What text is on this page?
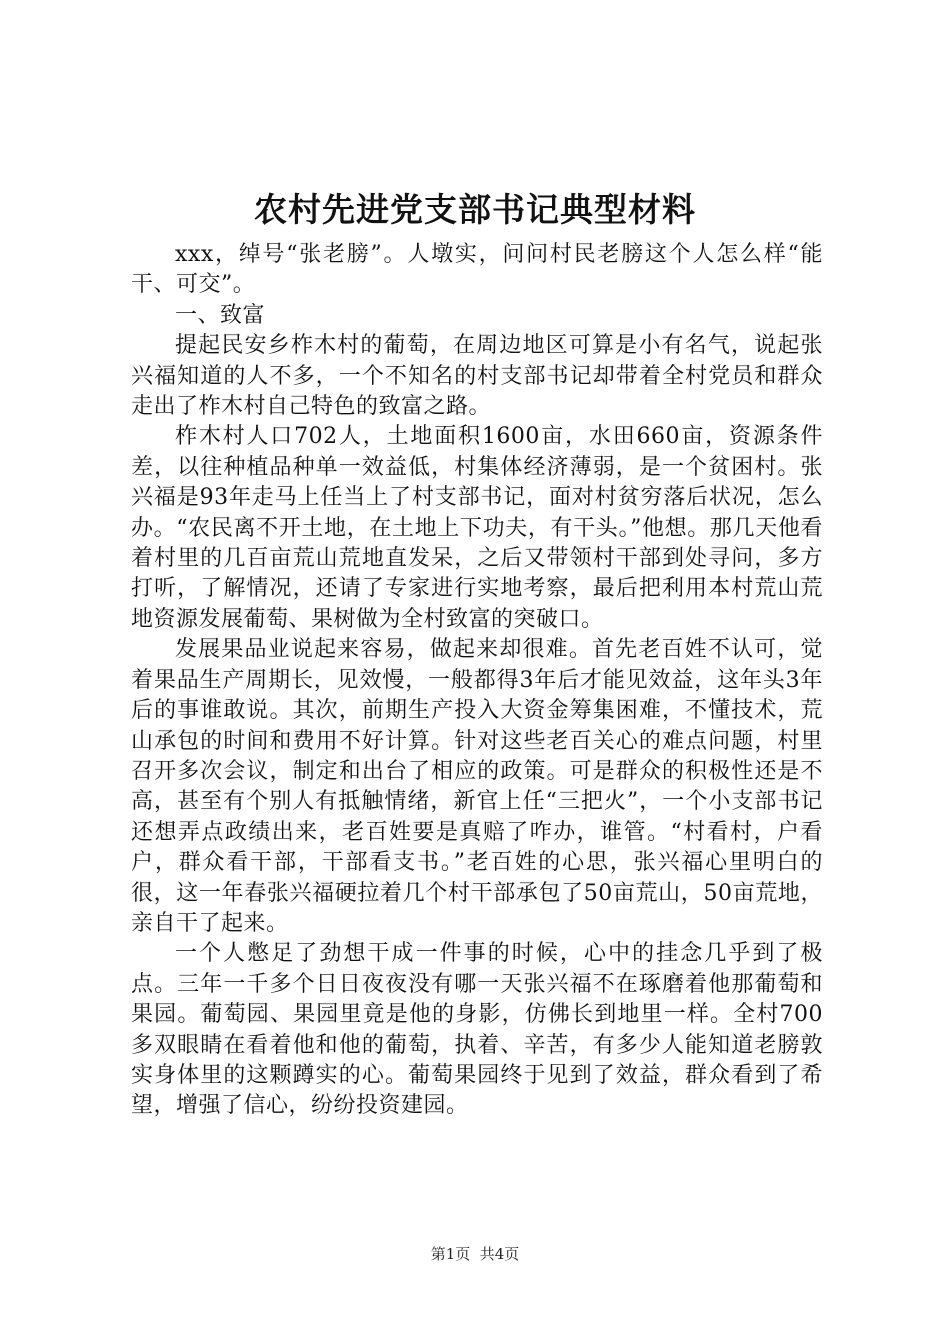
农村先进党支部书记典型材料

xxx，绰号“张老膀”。人墩实，问问村民老膀这个人怎么样“能干、可交”。

一、致富

提起民安乡柞木村的葡萄，在周边地区可算是小有名气，说起张兴福知道的人不多，一个不知名的村支部书记却带着全村党员和群众走出了柞木村自己特色的致富之路。

柞木村人口702人，土地面积1600亩，水田660亩，资源条件差，以往种植品种单一效益低，村集体经济薄弱，是一个贫困村。张兴福是93年走马上任当上了村支部书记，面对村贫穷落后状况，怎么办。“农民离不开土地，在土地上下功夫，有干头。”他想。那几天他看着村里的几百亩荒山荒地直发呆，之后又带领村干部到处寻问，多方打听，了解情况，还请了专家进行实地考察，最后把利用本村荒山荒地资源发展葡萄、果树做为全村致富的突破口。

发展果品业说起来容易，做起来却很难。首先老百姓不认可，觉着果品生产周期长，见效慢，一般都得3年后才能见效益，这年头3年后的事谁敢说。其次，前期生产投入大资金筹集困难，不懂技术，荒山承包的时间和费用不好计算。针对这些老百关心的难点问题，村里召开多次会议，制定和出台了相应的政策。可是群众的积极性还是不高，甚至有个别人有抵触情绪，新官上任“三把火”，一个小支部书记还想弄点政绩出来，老百姓要是真赔了咋办，谁管。“村看村，户看户，群众看干部，干部看支书。”老百姓的心思，张兴福心里明白的很，这一年春张兴福硬拉着几个村干部承包了50亩荒山，50亩荒地，亲自干了起来。

一个人憋足了劲想干成一件事的时候，心中的挂念几乎到了极点。三年一千多个日日夜夜没有哪一天张兴福不在琢磨着他那葡萄和果园。葡萄园、果园里竟是他的身影，仿佛长到地里一样。全村700多双眼睛在看着他和他的葡萄，执着、辛苦，有多少人能知道老膀敦实身体里的这颗蹲实的心。葡萄果园终于见到了效益，群众看到了希望，增强了信心，纷纷投资建园。

第1页  共4页
